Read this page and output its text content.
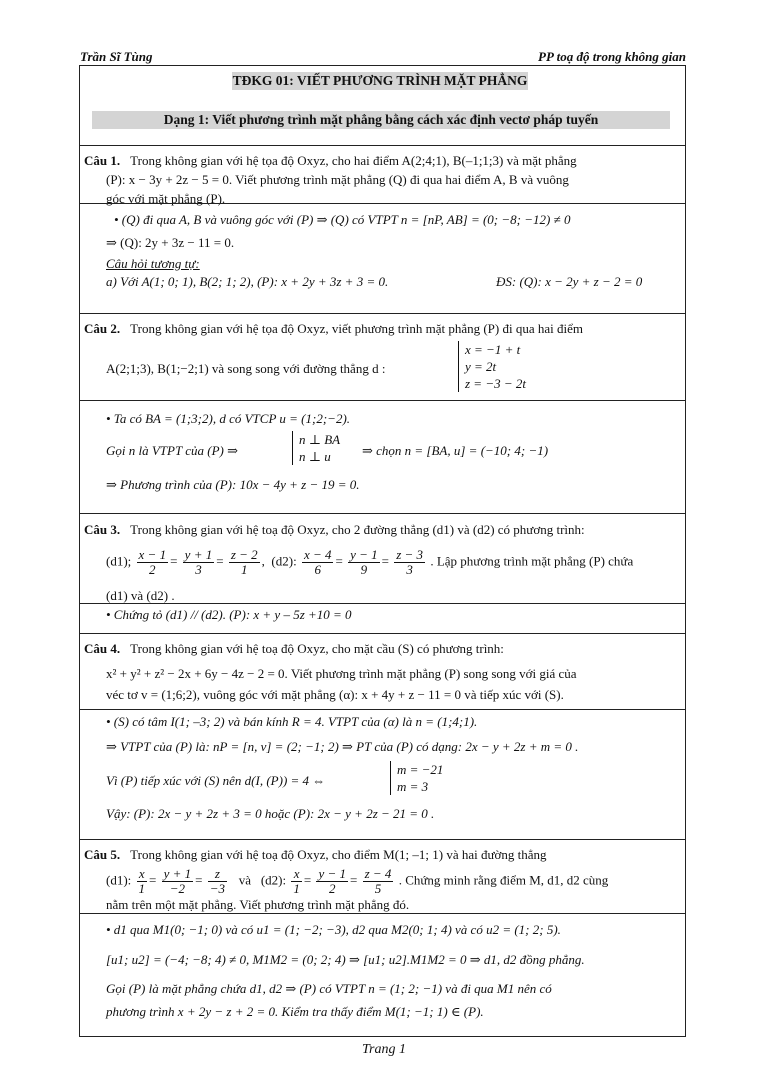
Trần Sĩ Tùng	PP toạ độ trong không gian
TĐKG 01: VIẾT PHƯƠNG TRÌNH MẶT PHẲNG
Dạng 1: Viết phương trình mặt phẳng bằng cách xác định vectơ pháp tuyến
Câu 1. Trong không gian với hệ tọa độ Oxyz, cho hai điểm A(2;4;1), B(–1;1;3) và mặt phẳng
(P): x − 3y + 2z − 5 = 0. Viết phương trình mặt phẳng (Q) đi qua hai điểm A, B và vuông
góc với mặt phẳng (P).
• (Q) đi qua A, B và vuông góc với (P) ⇒ (Q) có VTPT n = [nP, AB] = (0; −8; −12) ≠ 0
⇒ (Q): 2y + 3z − 11 = 0.
Câu hỏi tương tự:
a) Với A(1; 0; 1), B(2; 1; 2), (P): x + 2y + 3z + 3 = 0.	ĐS: (Q): x − 2y + z − 2 = 0
Câu 2. Trong không gian với hệ tọa độ Oxyz, viết phương trình mặt phẳng (P) đi qua hai điểm
A(2;1;3), B(1;−2;1) và song song với đường thẳng d :
x = −1 + t
y = 2t
z = −3 − 2t
• Ta có BA = (1;3;2), d có VTCP u = (1;2;−2).
Gọi n là VTPT của (P) ⇒
n ⊥ BA
n ⊥ u	⇒ chọn n = [BA, u] = (−10; 4; −1)
⇒ Phương trình của (P): 10x − 4y + z − 19 = 0.
Câu 3. Trong không gian với hệ toạ độ Oxyz, cho 2 đường thẳng (d1) và (d2) có phương trình:
(d1); $\frac{x - 1}{2} = \frac{y + 1}{3} = \frac{z - 2}{1}$ ,  (d2): $\frac{x - 4}{6} = \frac{y - 1}{9} = \frac{z - 3}{3}$ . Lập phương trình mặt phẳng (P) chứa
(d1) và (d2) .
• Chứng tỏ (d1) // (d2). (P): x + y – 5z +10 = 0
Câu 4. Trong không gian với hệ toạ độ Oxyz, cho mặt cầu (S) có phương trình:
x² + y² + z² − 2x + 6y − 4z − 2 = 0. Viết phương trình mặt phẳng (P) song song với giá của
véc tơ v = (1;6;2), vuông góc với mặt phẳng (α): x + 4y + z − 11 = 0 và tiếp xúc với (S).
• (S) có tâm I(1; –3; 2) và bán kính R = 4. VTPT của (α) là n = (1;4;1).
⇒ VTPT của (P) là: nP = [n, v] = (2; −1; 2) ⇒ PT của (P) có dạng: 2x − y + 2z + m = 0 .
Vì (P) tiếp xúc với (S) nên d(I, (P)) = 4 ⇔
m = −21
m = 3
Vậy: (P): 2x − y + 2z + 3 = 0 hoặc (P): 2x − y + 2z − 21 = 0 .
Câu 5. Trong không gian với hệ toạ độ Oxyz, cho điểm M(1; –1; 1) và hai đường thẳng
(d1): $\frac{x}{1} = \frac{y + 1}{-2} = \frac{z}{-3}$ và (d2): $\frac{x}{1} = \frac{y - 1}{2} = \frac{z - 4}{5}$ . Chứng minh rằng điểm M, d1, d2 cùng
nằm trên một mặt phẳng. Viết phương trình mặt phẳng đó.
• d1 qua M1(0; −1; 0) và có u1 = (1; −2; −3), d2 qua M2(0; 1; 4) và có u2 = (1; 2; 5).
[u1; u2] = (−4; −8; 4) ≠ 0, M1M2 = (0; 2; 4) ⇒ [u1; u2].M1M2 = 0 ⇒ d1, d2 đồng phẳng.
Gọi (P) là mặt phẳng chứa d1, d2 ⇒ (P) có VTPT n = (1; 2; −1) và đi qua M1 nên có
phương trình x + 2y − z + 2 = 0. Kiểm tra thấy điểm M(1; −1; 1) ∈ (P).
Trang 1
